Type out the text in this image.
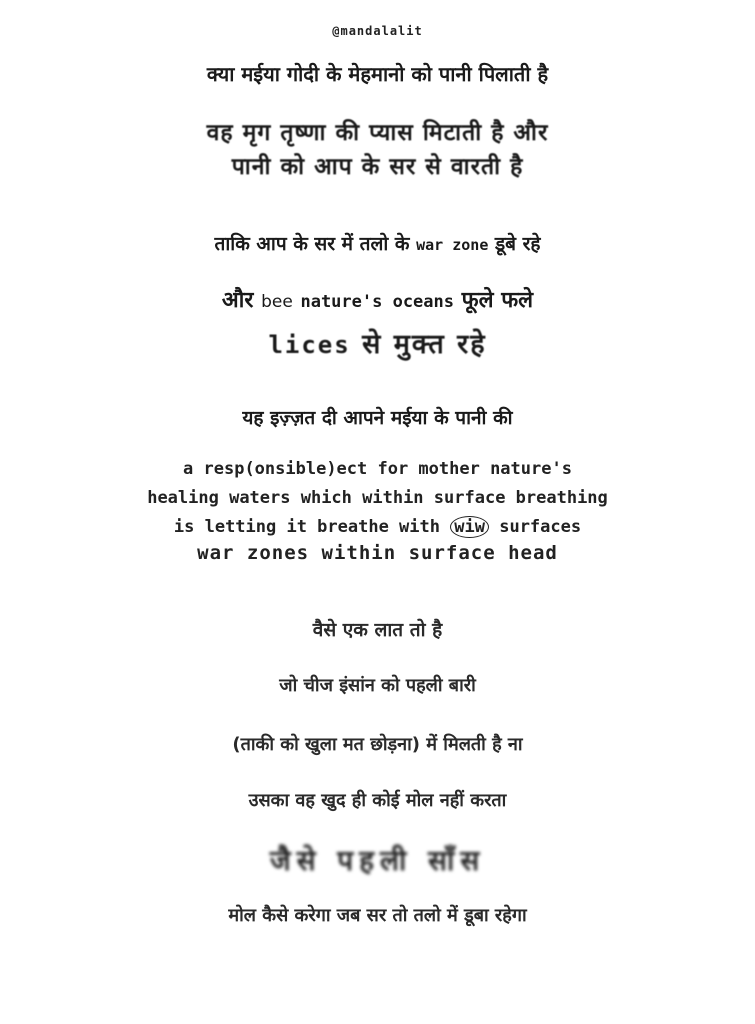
@mandalalit

क्या मईया गोदी के मेहमानो को पानी पिलाती है

वह मृग तृष्णा की प्यास मिटाती है और
पानी को आप के सर से वारती है

ताकि आप के सर में तलो के war zone डूबे रहे

और bee nature's oceans फूले फले

lices से मुक्त रहे

यह इज़्ज़त दी आपने मईया के पानी की

a resp(onsible)ect for mother nature's
healing waters which within surface breathing
is letting it breathe with wiw surfaces

war zones within surface head

वैसे एक लात तो है

जो चीज इंसांन को पहली बारी

(ताकी को खुला मत छोड़ना) में मिलती है ना

उसका वह खुद ही कोई मोल नहीं करता

जैसे पहली साँस

मोल कैसे करेगा जब सर तो तलो में डूबा रहेगा
